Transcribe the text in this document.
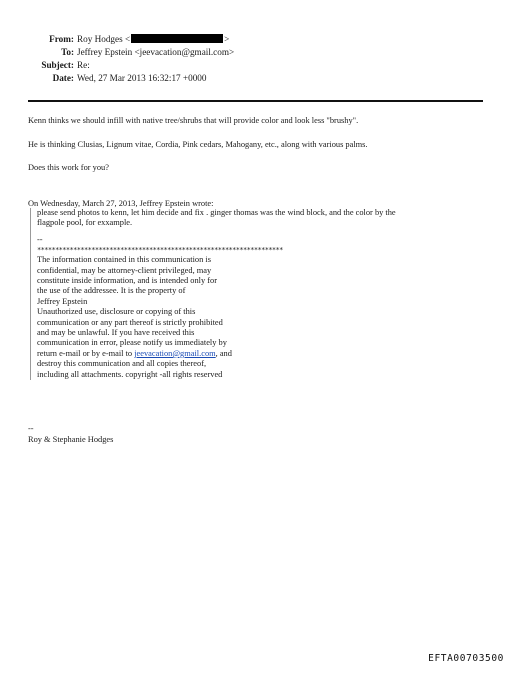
From: Roy Hodges <	>
To: Jeffrey Epstein <jeevacation@gmail.com>
Subject: Re:
Date: Wed, 27 Mar 2013 16:32:17 +0000
Kenn thinks we should infill with native tree/shrubs that will provide color and look less "brushy".
He is thinking Clusias, Lignum vitae, Cordia, Pink cedars, Mahogany, etc., along with various palms.
Does this work for you?
On Wednesday, March 27, 2013, Jeffrey Epstein wrote:
please send photos to kenn, let him decide and fix . ginger thomas was the wind block, and the color by the
flagpole pool, for exxample.
--
********************************************************************
The information contained in this communication is
confidential, may be attorney-client privileged, may
constitute inside information, and is intended only for
the use of the addressee. It is the property of
Jeffrey Epstein
Unauthorized use, disclosure or copying of this
communication or any part thereof is strictly prohibited
and may be unlawful. If you have received this
communication in error, please notify us immediately by
return e-mail or by e-mail to jeevacation@gmail.com, and
destroy this communication and all copies thereof,
including all attachments. copyright -all rights reserved
--
Roy & Stephanie Hodges
EFTA00703500
